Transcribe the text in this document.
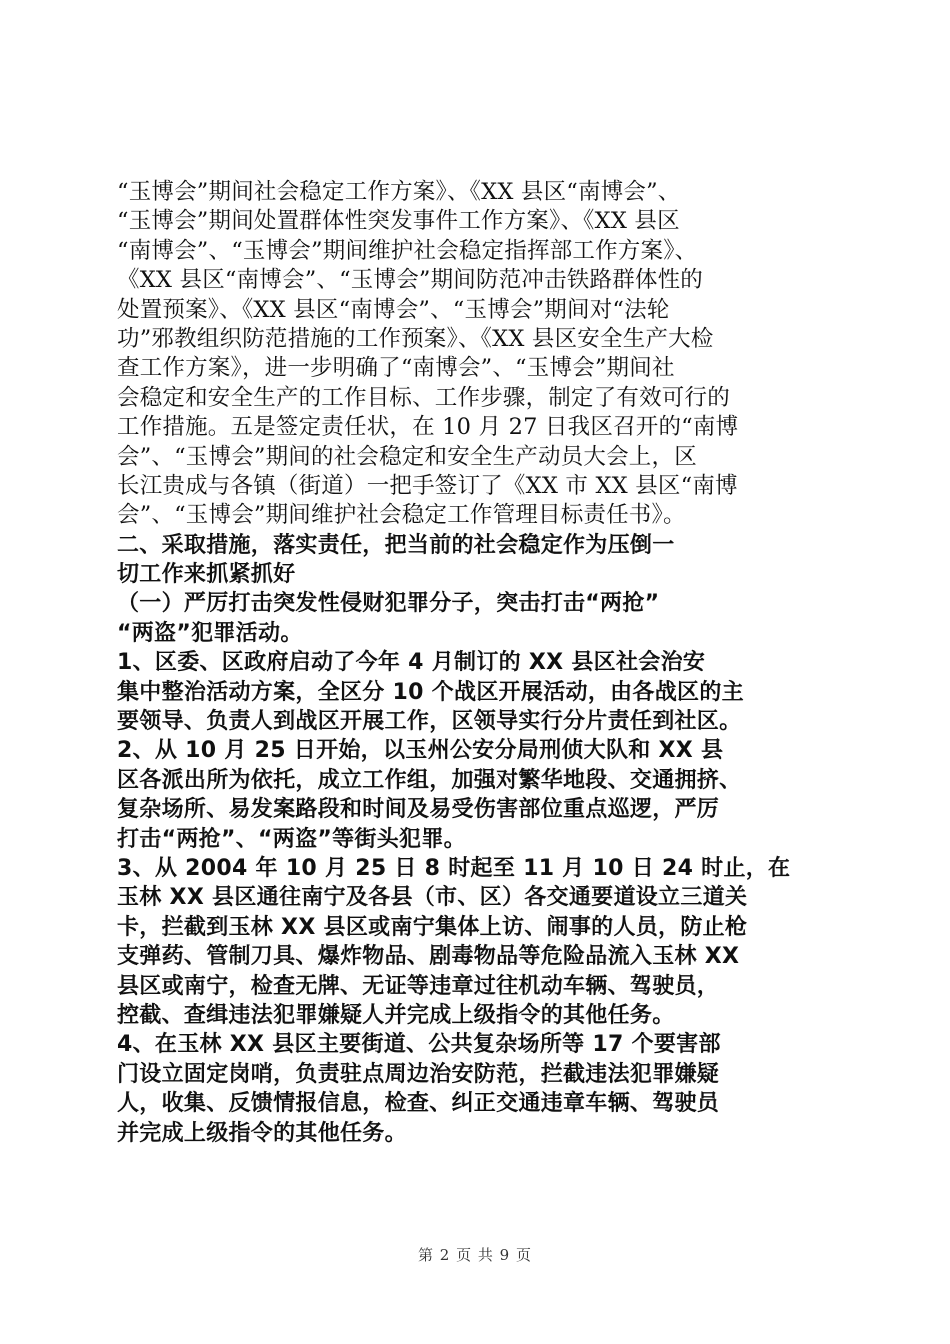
“玉博会”期间社会稳定工作方案》、《XX 县区“南博会”、
“玉博会”期间处置群体性突发事件工作方案》、《XX 县区
“南博会”、“玉博会”期间维护社会稳定指挥部工作方案》、
《XX 县区“南博会”、“玉博会”期间防范冲击铁路群体性的
处置预案》、《XX 县区“南博会”、“玉博会”期间对“法轮
功”邪教组织防范措施的工作预案》、《XX 县区安全生产大检
查工作方案》，进一步明确了“南博会”、“玉博会”期间社
会稳定和安全生产的工作目标、工作步骤，制定了有效可行的
工作措施。五是签定责任状，在 10 月 27 日我区召开的“南博
会”、“玉博会”期间的社会稳定和安全生产动员大会上，区
长江贵成与各镇（街道）一把手签订了《XX 市 XX 县区“南博
会”、“玉博会”期间维护社会稳定工作管理目标责任书》。
二、采取措施，落实责任，把当前的社会稳定作为压倒一
切工作来抓紧抓好
（一）严厉打击突发性侵财犯罪分子，突击打击“两抢”
“两盗”犯罪活动。
1、区委、区政府启动了今年 4 月制订的 XX 县区社会治安
集中整治活动方案，全区分 10 个战区开展活动，由各战区的主
要领导、负责人到战区开展工作，区领导实行分片责任到社区。
2、从 10 月 25 日开始，以玉州公安分局刑侦大队和 XX 县
区各派出所为依托，成立工作组，加强对繁华地段、交通拥挤、
复杂场所、易发案路段和时间及易受伤害部位重点巡逻，严厉
打击“两抢”、“两盗”等街头犯罪。
3、从 2004 年 10 月 25 日 8 时起至 11 月 10 日 24 时止，在
玉林 XX 县区通往南宁及各县（市、区）各交通要道设立三道关
卡，拦截到玉林 XX 县区或南宁集体上访、闹事的人员，防止枪
支弹药、管制刀具、爆炸物品、剧毒物品等危险品流入玉林 XX
县区或南宁，检查无牌、无证等违章过往机动车辆、驾驶员，
控截、查缉违法犯罪嫌疑人并完成上级指令的其他任务。
4、在玉林 XX 县区主要街道、公共复杂场所等 17 个要害部
门设立固定岗哨，负责驻点周边治安防范，拦截违法犯罪嫌疑
人，收集、反馈情报信息，检查、纠正交通违章车辆、驾驶员
并完成上级指令的其他任务。
第 2 页 共 9 页
